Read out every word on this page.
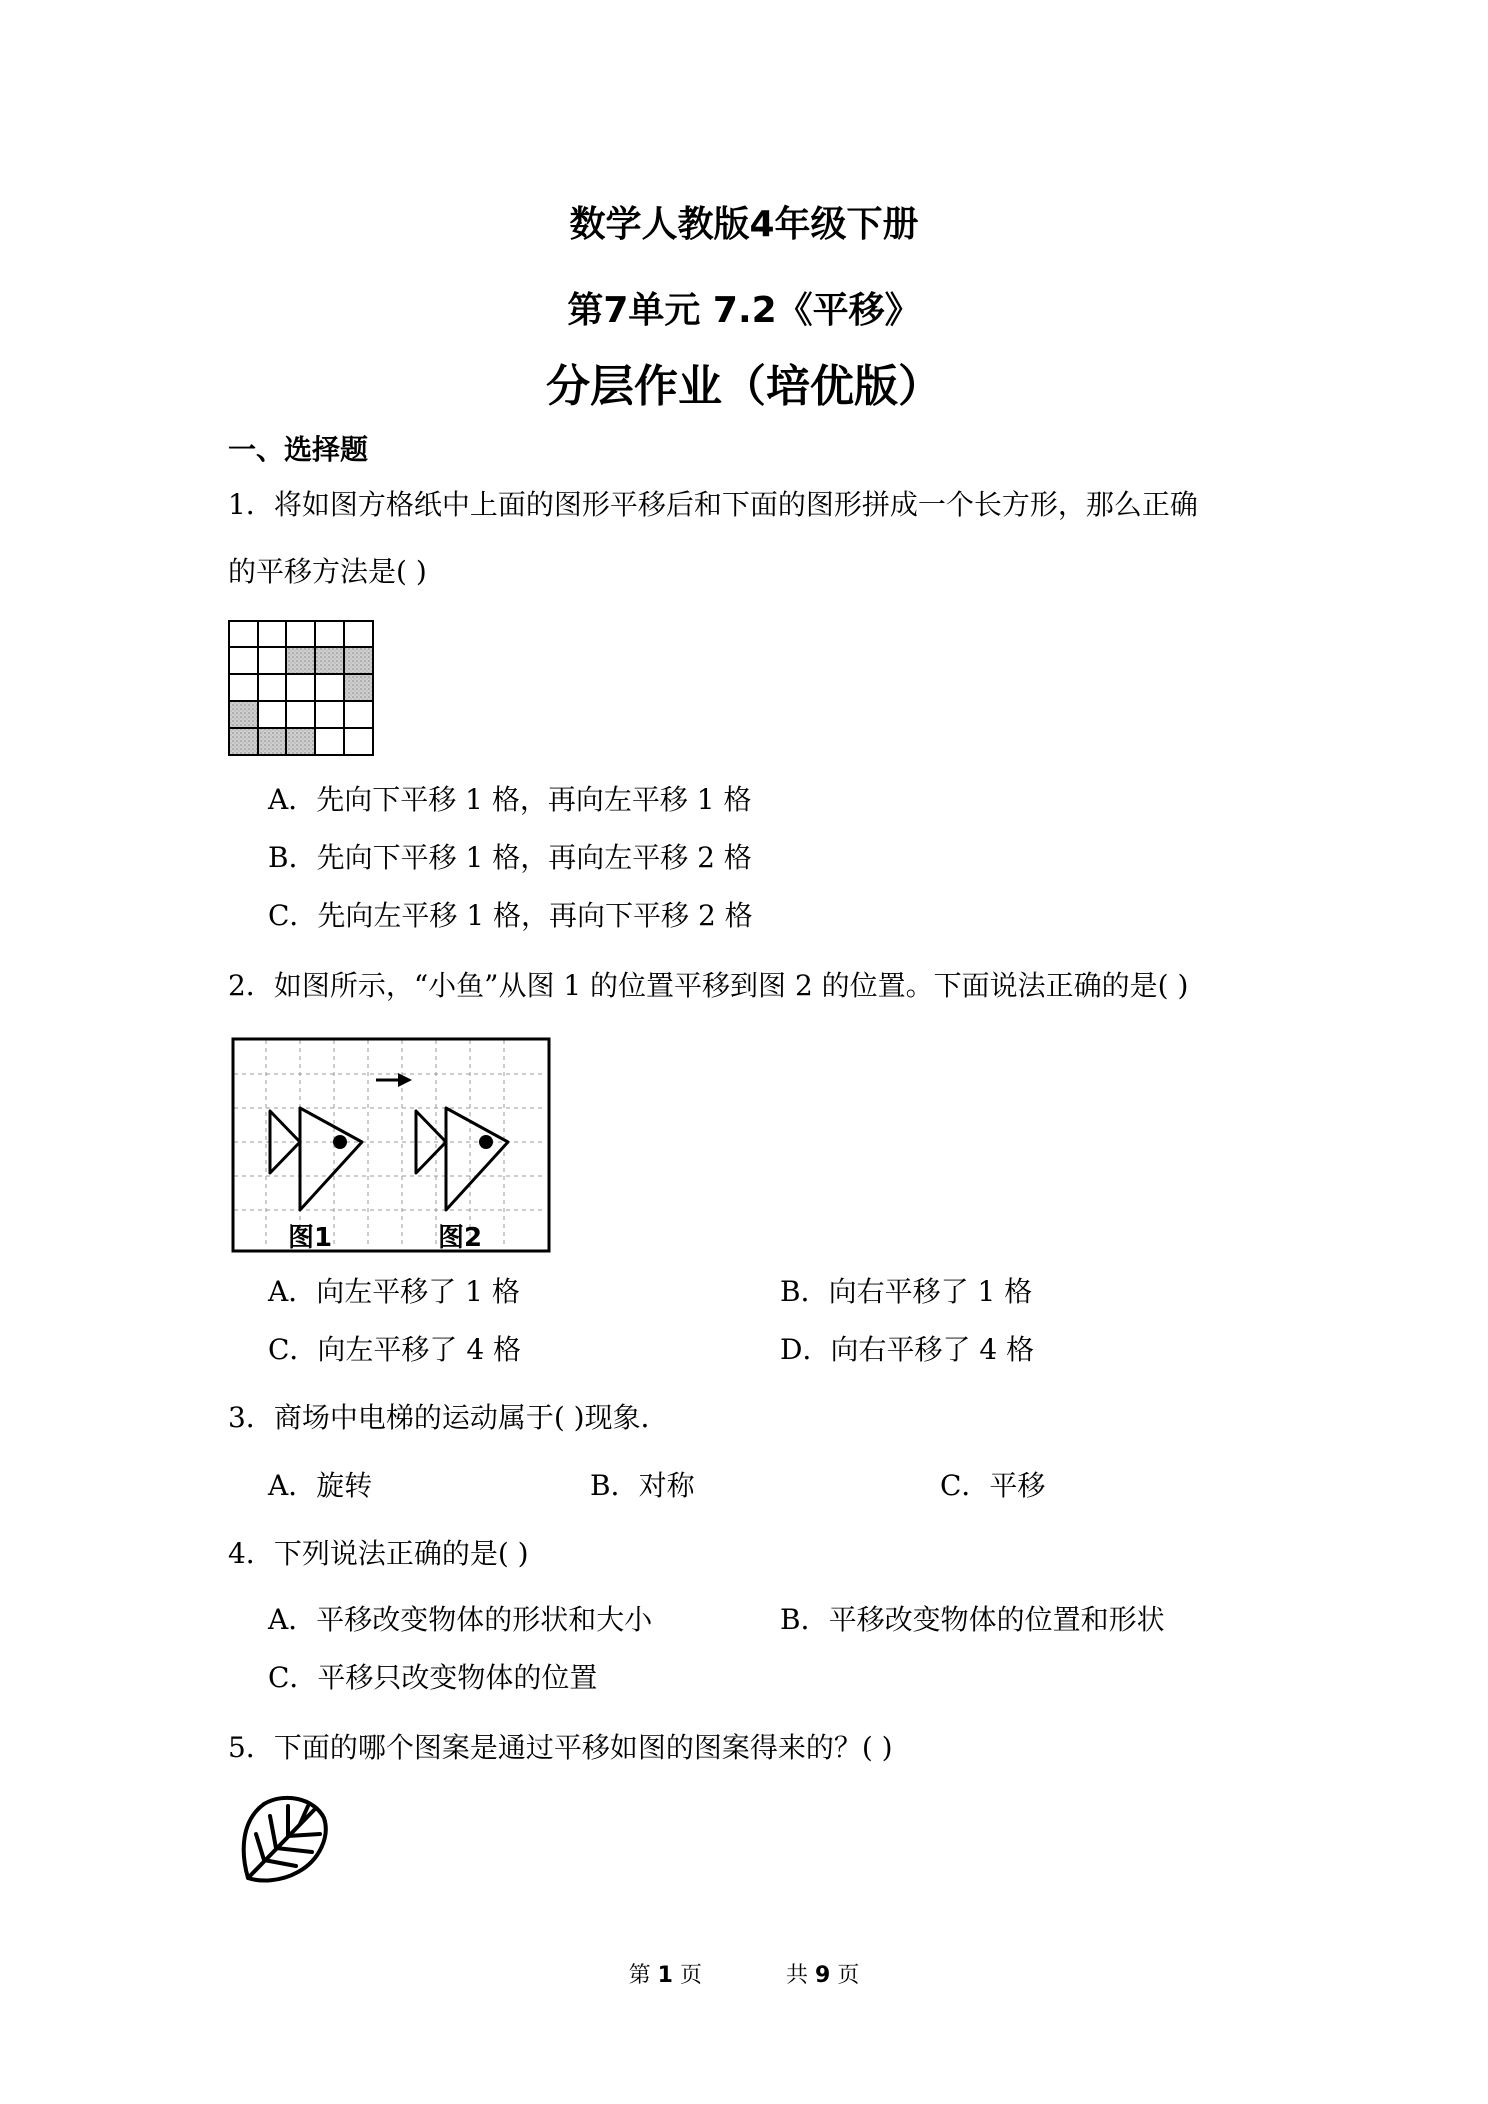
数学人教版4年级下册
第7单元 7.2《平移》
分层作业（培优版）
一、选择题
1．将如图方格纸中上面的图形平移后和下面的图形拼成一个长方形，那么正确
的平移方法是( )
A．先向下平移 1 格，再向左平移 1 格
B．先向下平移 1 格，再向左平移 2 格
C．先向左平移 1 格，再向下平移 2 格
2．如图所示，“小鱼”从图 1 的位置平移到图 2 的位置。下面说法正确的是( )
图1	图2
A．向左平移了 1 格	B．向右平移了 1 格
C．向左平移了 4 格	D．向右平移了 4 格
3．商场中电梯的运动属于( )现象．
A．旋转	B．对称	C．平移
4．下列说法正确的是( )
A．平移改变物体的形状和大小	B．平移改变物体的位置和形状
C．平移只改变物体的位置
5．下面的哪个图案是通过平移如图的图案得来的？( )
第 1 页	共 9 页
